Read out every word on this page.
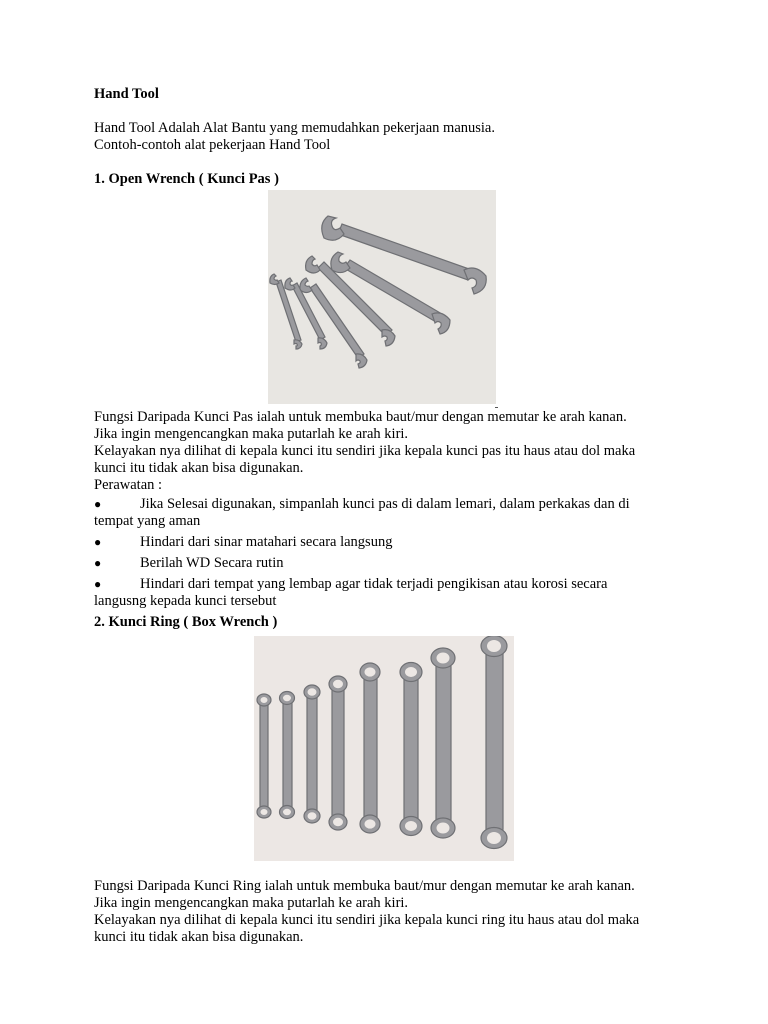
Hand Tool

Hand Tool Adalah Alat Bantu yang memudahkan pekerjaan manusia.

Contoh-contoh alat pekerjaan Hand Tool

1. Open Wrench ( Kunci Pas )

Fungsi Daripada Kunci Pas ialah untuk membuka baut/mur dengan memutar ke arah kanan.

Jika ingin mengencangkan maka putarlah ke arah kiri.

Kelayakan nya dilihat di kepala kunci itu sendiri jika kepala kunci pas itu haus atau dol maka

kunci itu tidak akan bisa digunakan.

Perawatan :

●	Jika Selesai digunakan, simpanlah kunci pas di dalam lemari, dalam perkakas dan di
tempat yang aman
●	Hindari dari sinar matahari secara langsung
●	Berilah WD Secara rutin
●	Hindari dari tempat yang lembap agar tidak terjadi pengikisan atau korosi secara
langusng kepada kunci tersebut

2. Kunci Ring ( Box Wrench )

Fungsi Daripada Kunci Ring ialah untuk membuka baut/mur dengan memutar ke arah kanan.

Jika ingin mengencangkan maka putarlah ke arah kiri.

Kelayakan nya dilihat di kepala kunci itu sendiri jika kepala kunci ring itu haus atau dol maka

kunci itu tidak akan bisa digunakan.
